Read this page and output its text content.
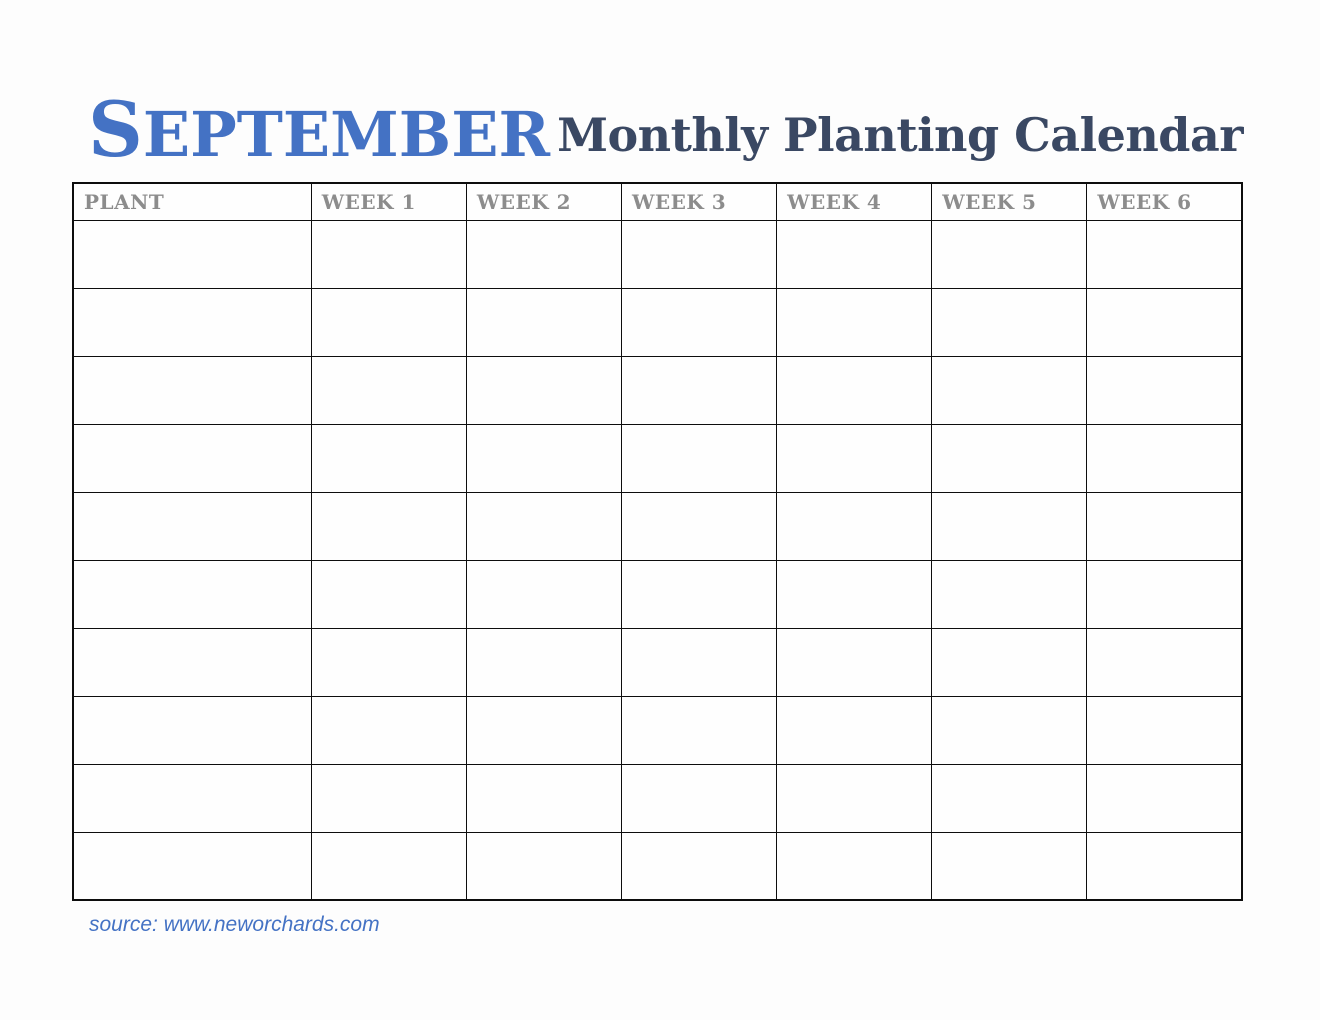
SEPTEMBER Monthly Planting Calendar
PLANT	WEEK 1	WEEK 2	WEEK 3	WEEK 4	WEEK 5	WEEK 6

source: www.neworchards.com
